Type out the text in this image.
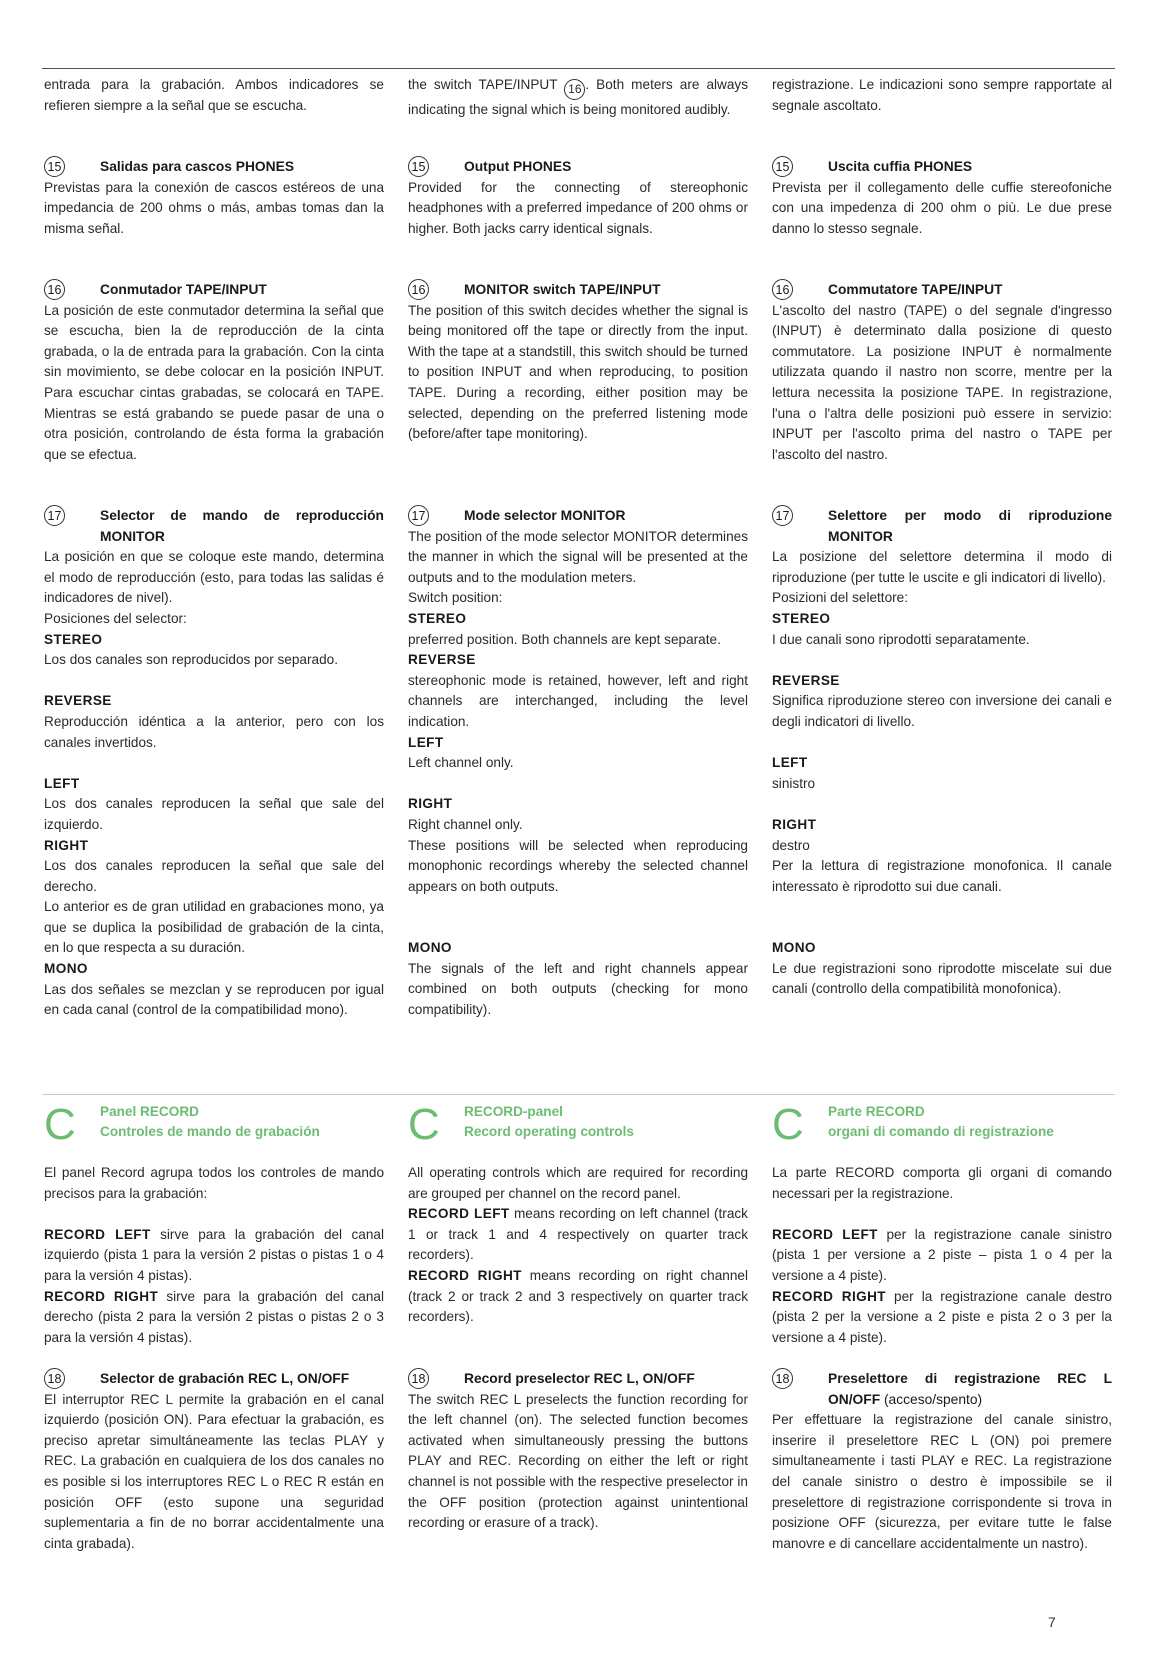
entrada para la grabación. Ambos indicadores se refieren siempre a la señal que se escucha.

15	Salidas para cascos PHONES

Previstas para la conexión de cascos estéreos de una impedancia de 200 ohms o más, ambas tomas dan la misma señal.

16	Conmutador TAPE/INPUT

La posición de este conmutador determina la señal que se escucha, bien la de reproducción de la cinta grabada, o la de entrada para la grabación. Con la cinta sin movimiento, se debe colocar en la posición INPUT. Para escuchar cintas grabadas, se colocará en TAPE. Mientras se está grabando se puede pasar de una o otra posición, controlando de ésta forma la grabación que se efectua.

17	Selector de mando de reproducción MONITOR

La posición en que se coloque este mando, determina el modo de reproducción (esto, para todas las salidas é indicadores de nivel).

Posiciones del selector:

STEREO

Los dos canales son reproducidos por separado.

REVERSE

Reproducción idéntica a la anterior, pero con los canales invertidos.

LEFT

Los dos canales reproducen la señal que sale del izquierdo.

RIGHT

Los dos canales reproducen la señal que sale del derecho.

Lo anterior es de gran utilidad en grabaciones mono, ya que se duplica la posibilidad de grabación de la cinta, en lo que respecta a su duración.

MONO

Las dos señales se mezclan y se reproducen por igual en cada canal (control de la compatibilidad mono).

the switch TAPE/INPUT 16 . Both meters are always indicating the signal which is being monitored audibly.

15	Output PHONES

Provided for the connecting of stereophonic headphones with a preferred impedance of 200 ohms or higher. Both jacks carry identical signals.

16	MONITOR switch TAPE/INPUT

The position of this switch decides whether the signal is being monitored off the tape or directly from the input. With the tape at a standstill, this switch should be turned to position INPUT and when reproducing, to position TAPE. During a recording, either position may be selected, depending on the preferred listening mode (before/after tape monitoring).

17	Mode selector MONITOR

The position of the mode selector MONITOR determines the manner in which the signal will be presented at the outputs and to the modulation meters.

Switch position:

STEREO

preferred position. Both channels are kept separate.

REVERSE

stereophonic mode is retained, however, left and right channels are interchanged, including the level indication.

LEFT

Left channel only.

RIGHT

Right channel only.

These positions will be selected when reproducing monophonic recordings whereby the selected channel appears on both outputs.

MONO

The signals of the left and right channels appear combined on both outputs (checking for mono compatibility).

registrazione. Le indicazioni sono sempre rapportate al segnale ascoltato.

15	Uscita cuffia PHONES

Prevista per il collegamento delle cuffie stereofoniche con una impedenza di 200 ohm o più. Le due prese danno lo stesso segnale.

16	Commutatore TAPE/INPUT

L'ascolto del nastro (TAPE) o del segnale d'ingresso (INPUT) è determinato dalla posizione di questo commutatore. La posizione INPUT è normalmente utilizzata quando il nastro non scorre, mentre per la lettura necessita la posizione TAPE. In registrazione, l'una o l'altra delle posizioni può essere in servizio: INPUT per l'ascolto prima del nastro o TAPE per l'ascolto del nastro.

17	Selettore per modo di riproduzione MONITOR

La posizione del selettore determina il modo di riproduzione (per tutte le uscite e gli indicatori di livello).

Posizioni del selettore:

STEREO

I due canali sono riprodotti separatamente.

REVERSE

Significa riproduzione stereo con inversione dei canali e degli indicatori di livello.

LEFT

sinistro

RIGHT

destro

Per la lettura di registrazione monofonica. Il canale interessato è riprodotto sui due canali.

MONO

Le due registrazioni sono riprodotte miscelate sui due canali (controllo della compatibilità monofonica).

C Panel RECORD
Controles de mando de grabación C RECORD-panel
Record operating controls	C Parte RECORD
organi di comando di registrazione

El panel Record agrupa todos los controles de mando precisos para la grabación:

RECORD LEFT sirve para la grabación del canal izquierdo (pista 1 para la versión 2 pistas o pistas 1 o 4 para la versión 4 pistas).

RECORD RIGHT sirve para la grabación del canal derecho (pista 2 para la versión 2 pistas o pistas 2 o 3 para la versión 4 pistas).

18	Selector de grabación REC L, ON/OFF

El interruptor REC L permite la grabación en el canal izquierdo (posición ON). Para efectuar la grabación, es preciso apretar simultáneamente las teclas PLAY y REC. La grabación en cualquiera de los dos canales no es posible si los interruptores REC L o REC R están en posición OFF (esto supone una seguridad suplementaria a fin de no borrar accidentalmente una cinta grabada).

All operating controls which are required for recording are grouped per channel on the record panel.

RECORD LEFT means recording on left channel (track 1 or track 1 and 4 respectively on quarter track recorders).

RECORD RIGHT means recording on right channel (track 2 or track 2 and 3 respectively on quarter track recorders).

18	Record preselector REC L, ON/OFF

The switch REC L preselects the function recording for the left channel (on). The selected function becomes activated when simultaneously pressing the buttons PLAY and REC. Recording on either the left or right channel is not possible with the respective preselector in the OFF position (protection against unintentional recording or erasure of a track).

La parte RECORD comporta gli organi di comando necessari per la registrazione.

RECORD LEFT per la registrazione canale sinistro (pista 1 per versione a 2 piste – pista 1 o 4 per la versione a 4 piste).

RECORD RIGHT per la registrazione canale destro (pista 2 per la versione a 2 piste e pista 2 o 3 per la versione a 4 piste).

18	Preselettore di registrazione REC L ON/OFF (acceso/spento)

Per effettuare la registrazione del canale sinistro, inserire il preselettore REC L (ON) poi premere simultaneamente i tasti PLAY e REC. La registrazione del canale sinistro o destro è impossibile se il preselettore di registrazione corrispondente si trova in posizione OFF (sicurezza, per evitare tutte le false manovre e di cancellare accidentalmente un nastro).

7
